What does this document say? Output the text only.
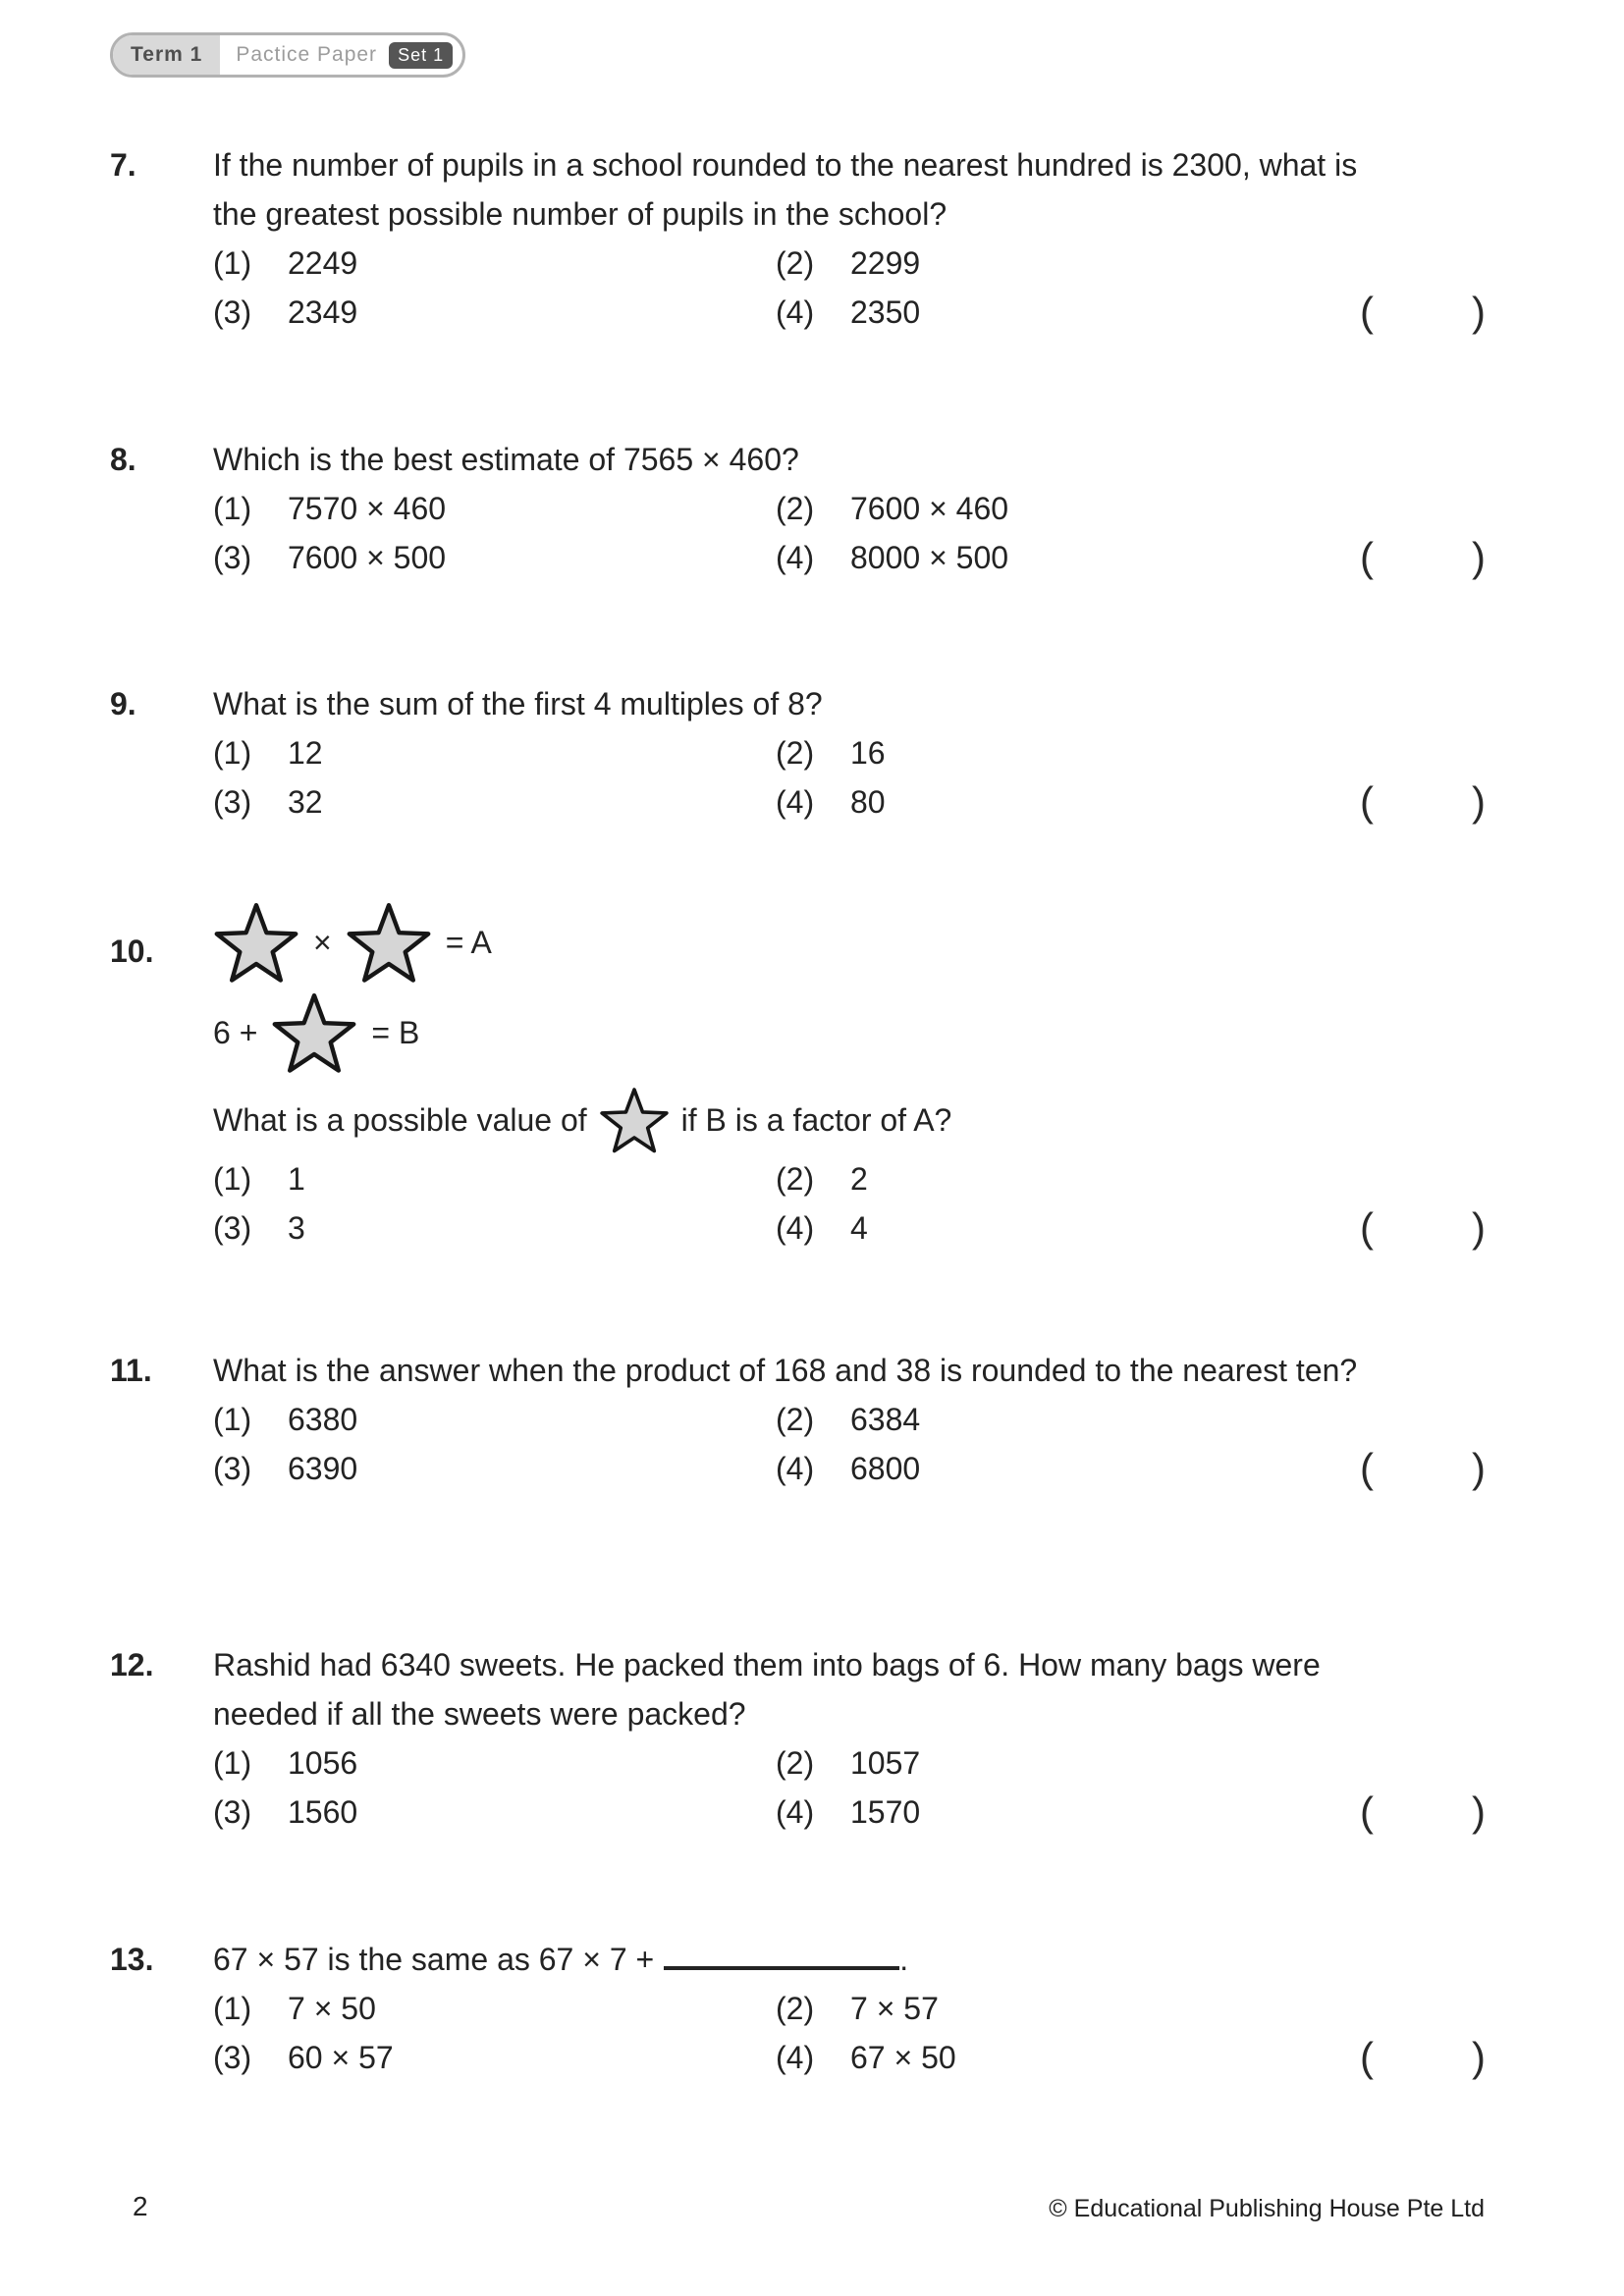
Term 1	Pactice Paper	Set 1
7.	If the number of pupils in a school rounded to the nearest hundred is 2300, what is the greatest possible number of pupils in the school?

(1)	2249	(2)	2299
(3)	2349	(4)	2350	( )
8.	Which is the best estimate of 7565 × 460?

(1)	7570 × 460	(2)	7600 × 460
(3)	7600 × 500	(4)	8000 × 500	( )
9.	What is the sum of the first 4 multiples of 8?

(1)	12	(2)	16
(3)	32	(4)	80	( )
10.	×	= A
6 +	= B
What is a possible value of	if B is a factor of A?
(1)	1	(2)	2
(3)	3	(4)	4	( )
11.	What is the answer when the product of 168 and 38 is rounded to the nearest ten?

(1)	6380	(2)	6384
(3)	6390	(4)	6800	( )
12.	Rashid had 6340 sweets. He packed them into bags of 6. How many bags were needed if all the sweets were packed?

(1)	1056	(2)	1057
(3)	1560	(4)	1570	( )
13.	67 × 57 is the same as 67 × 7 +	.

(1)	7 × 50	(2)	7 × 57
(3)	60 × 57	(4)	67 × 50	( )
2	© Educational Publishing House Pte Ltd
